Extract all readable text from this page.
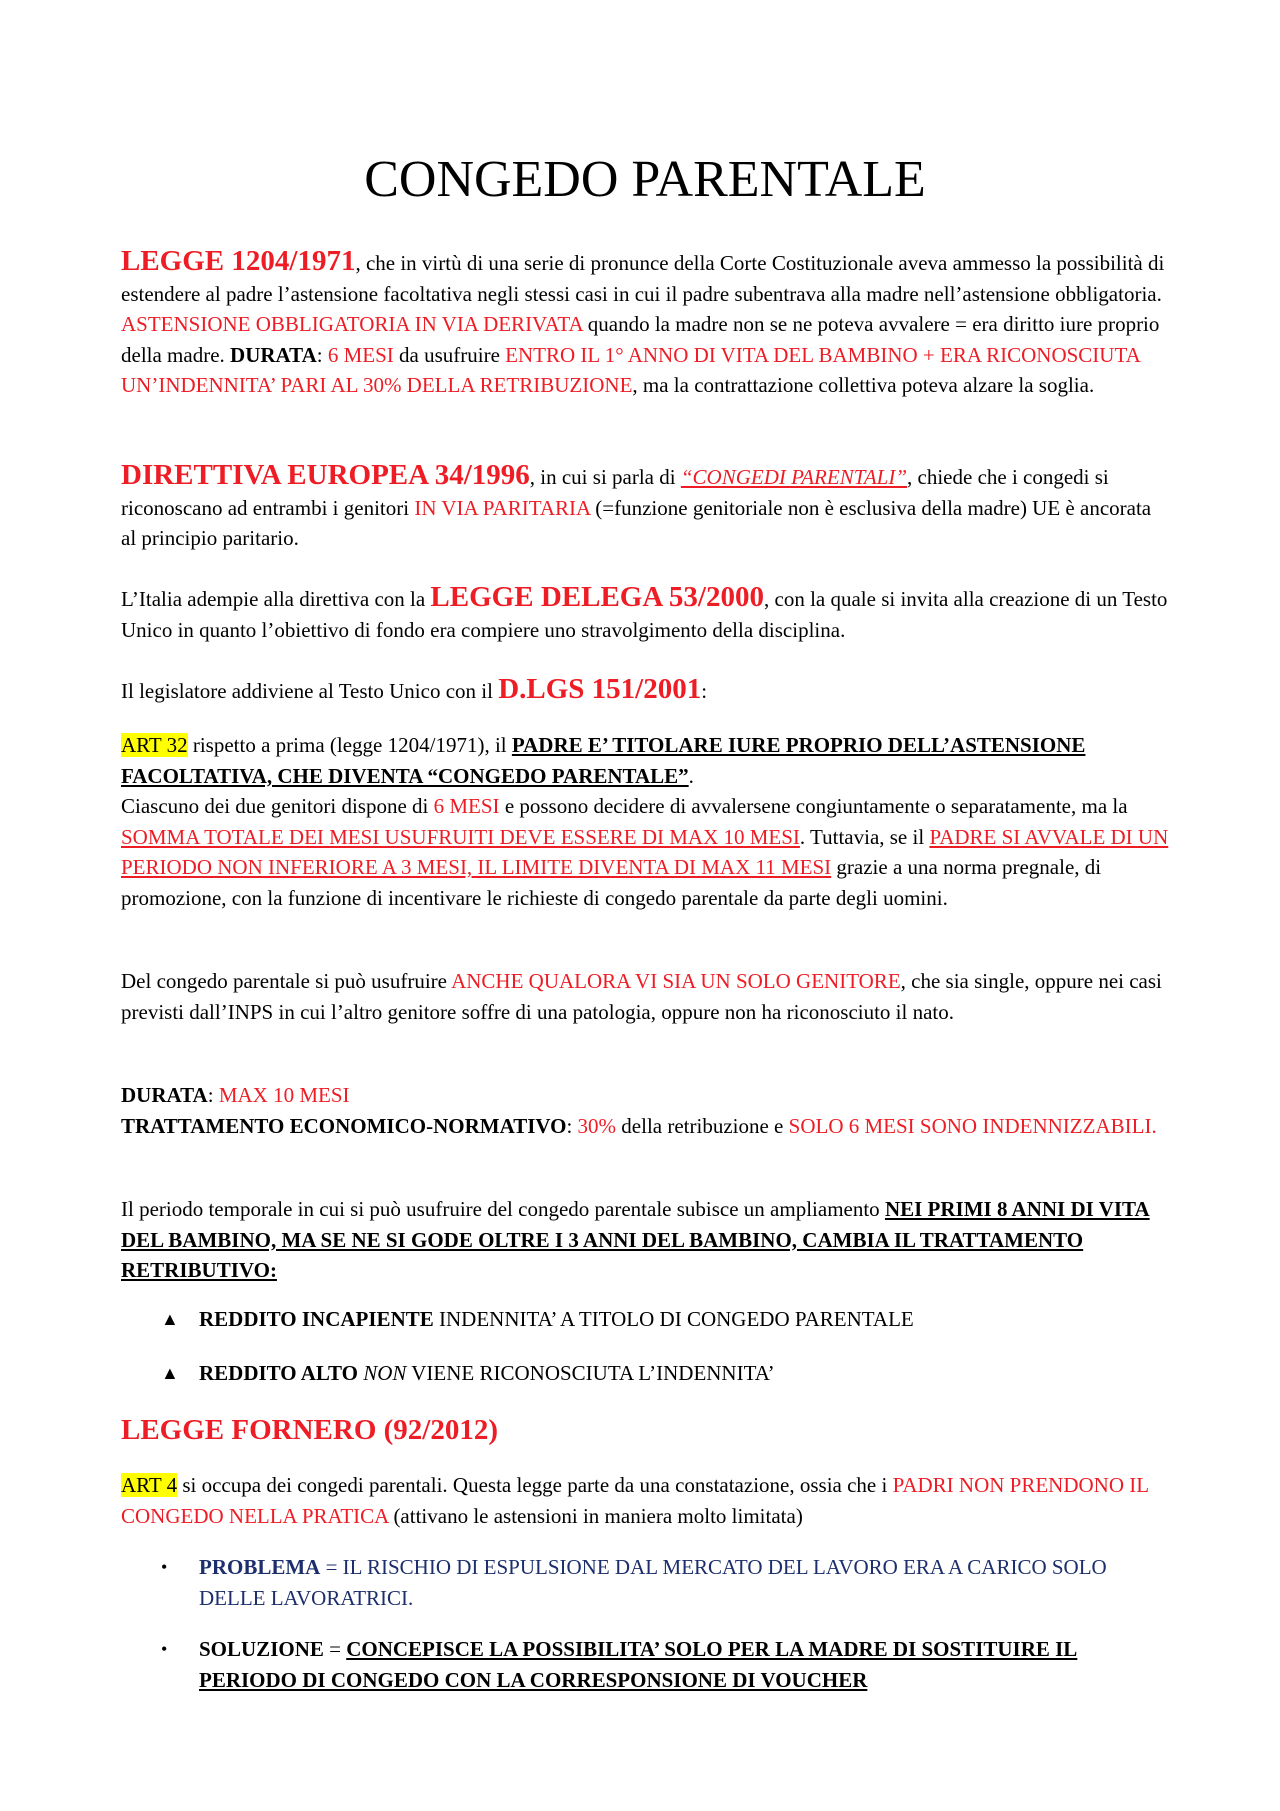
CONGEDO PARENTALE

LEGGE 1204/1971, che in virtù di una serie di pronunce della Corte Costituzionale aveva ammesso la possibilità di estendere al padre l’astensione facoltativa negli stessi casi in cui il padre subentrava alla madre nell’astensione obbligatoria. ASTENSIONE OBBLIGATORIA IN VIA DERIVATA quando la madre non se ne poteva avvalere = era diritto iure proprio della madre. DURATA: 6 MESI da usufruire ENTRO IL 1° ANNO DI VITA DEL BAMBINO + ERA RICONOSCIUTA UN’INDENNITA’ PARI AL 30% DELLA RETRIBUZIONE, ma la contrattazione collettiva poteva alzare la soglia.

DIRETTIVA EUROPEA 34/1996, in cui si parla di “CONGEDI PARENTALI”, chiede che i congedi si riconoscano ad entrambi i genitori IN VIA PARITARIA (=funzione genitoriale non è esclusiva della madre) UE è ancorata al principio paritario.

L’Italia adempie alla direttiva con la LEGGE DELEGA 53/2000, con la quale si invita alla creazione di un Testo Unico in quanto l’obiettivo di fondo era compiere uno stravolgimento della disciplina.

Il legislatore addiviene al Testo Unico con il D.LGS 151/2001:

ART 32 rispetto a prima (legge 1204/1971), il PADRE E’ TITOLARE IURE PROPRIO DELL’ASTENSIONE FACOLTATIVA, CHE DIVENTA “CONGEDO PARENTALE”.
Ciascuno dei due genitori dispone di 6 MESI e possono decidere di avvalersene congiuntamente o separatamente, ma la SOMMA TOTALE DEI MESI USUFRUITI DEVE ESSERE DI MAX 10 MESI. Tuttavia, se il PADRE SI AVVALE DI UN PERIODO NON INFERIORE A 3 MESI, IL LIMITE DIVENTA DI MAX 11 MESI grazie a una norma pregnale, di promozione, con la funzione di incentivare le richieste di congedo parentale da parte degli uomini.

Del congedo parentale si può usufruire ANCHE QUALORA VI SIA UN SOLO GENITORE, che sia single, oppure nei casi previsti dall’INPS in cui l’altro genitore soffre di una patologia, oppure non ha riconosciuto il nato.

DURATA: MAX 10 MESI
TRATTAMENTO ECONOMICO-NORMATIVO: 30% della retribuzione e SOLO 6 MESI SONO INDENNIZZABILI.

Il periodo temporale in cui si può usufruire del congedo parentale subisce un ampliamento NEI PRIMI 8 ANNI DI VITA DEL BAMBINO, MA SE NE SI GODE OLTRE I 3 ANNI DEL BAMBINO, CAMBIA IL TRATTAMENTO RETRIBUTIVO:

▲ REDDITO INCAPIENTE INDENNITA’ A TITOLO DI CONGEDO PARENTALE

▲ REDDITO ALTO NON VIENE RICONOSCIUTA L’INDENNITA’

LEGGE FORNERO (92/2012)

ART 4 si occupa dei congedi parentali. Questa legge parte da una constatazione, ossia che i PADRI NON PRENDONO IL CONGEDO NELLA PRATICA (attivano le astensioni in maniera molto limitata)

• PROBLEMA = IL RISCHIO DI ESPULSIONE DAL MERCATO DEL LAVORO ERA A CARICO SOLO DELLE LAVORATRICI.

• SOLUZIONE = CONCEPISCE LA POSSIBILITA’ SOLO PER LA MADRE DI SOSTITUIRE IL PERIODO DI CONGEDO CON LA CORRESPONSIONE DI VOUCHER
